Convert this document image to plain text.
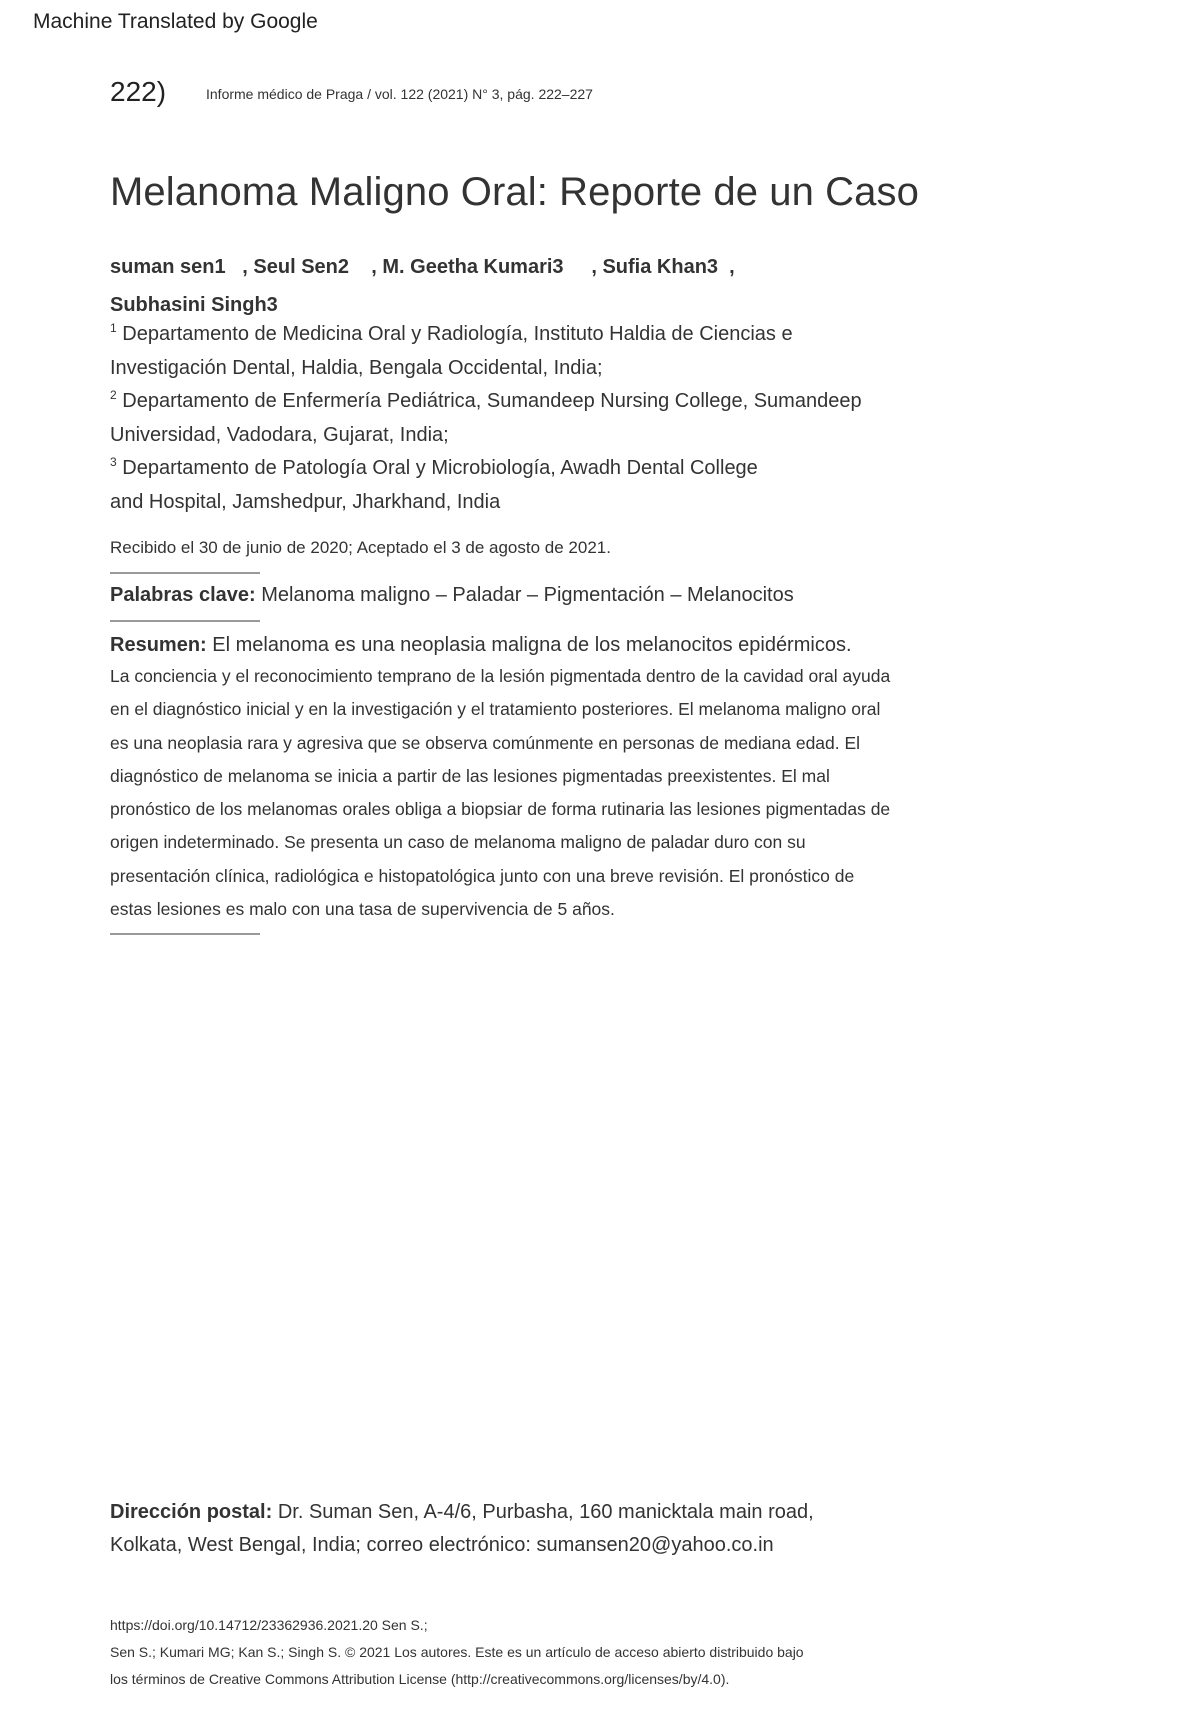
Machine Translated by Google
222)	Informe médico de Praga / vol. 122 (2021) N° 3, pág. 222–227
Melanoma Maligno Oral: Reporte de un Caso
suman sen1   , Seul Sen2    , M. Geetha Kumari3     , Sufia Khan3  ,
Subhasini Singh3
$^1$ Departamento de Medicina Oral y Radiología, Instituto Haldia de Ciencias e
Investigación Dental, Haldia, Bengala Occidental, India;
$^2$ Departamento de Enfermería Pediátrica, Sumandeep Nursing College, Sumandeep
Universidad, Vadodara, Gujarat, India;
$^3$ Departamento de Patología Oral y Microbiología, Awadh Dental College
and Hospital, Jamshedpur, Jharkhand, India
Recibido el 30 de junio de 2020; Aceptado el 3 de agosto de 2021.
Palabras clave: Melanoma maligno – Paladar – Pigmentación – Melanocitos
Resumen: El melanoma es una neoplasia maligna de los melanocitos epidérmicos.
La conciencia y el reconocimiento temprano de la lesión pigmentada dentro de la cavidad oral ayuda
en el diagnóstico inicial y en la investigación y el tratamiento posteriores. El melanoma maligno oral
es una neoplasia rara y agresiva que se observa comúnmente en personas de mediana edad. El
diagnóstico de melanoma se inicia a partir de las lesiones pigmentadas preexistentes. El mal
pronóstico de los melanomas orales obliga a biopsiar de forma rutinaria las lesiones pigmentadas de
origen indeterminado. Se presenta un caso de melanoma maligno de paladar duro con su
presentación clínica, radiológica e histopatológica junto con una breve revisión. El pronóstico de
estas lesiones es malo con una tasa de supervivencia de 5 años.
Dirección postal: Dr. Suman Sen, A-4/6, Purbasha, 160 manicktala main road,
Kolkata, West Bengal, India; correo electrónico: sumansen20@yahoo.co.in
https://doi.org/10.14712/23362936.2021.20 Sen S.;
Sen S.; Kumari MG; Kan S.; Singh S. © 2021 Los autores. Este es un artículo de acceso abierto distribuido bajo
los términos de Creative Commons Attribution License (http://creativecommons.org/licenses/by/4.0).
